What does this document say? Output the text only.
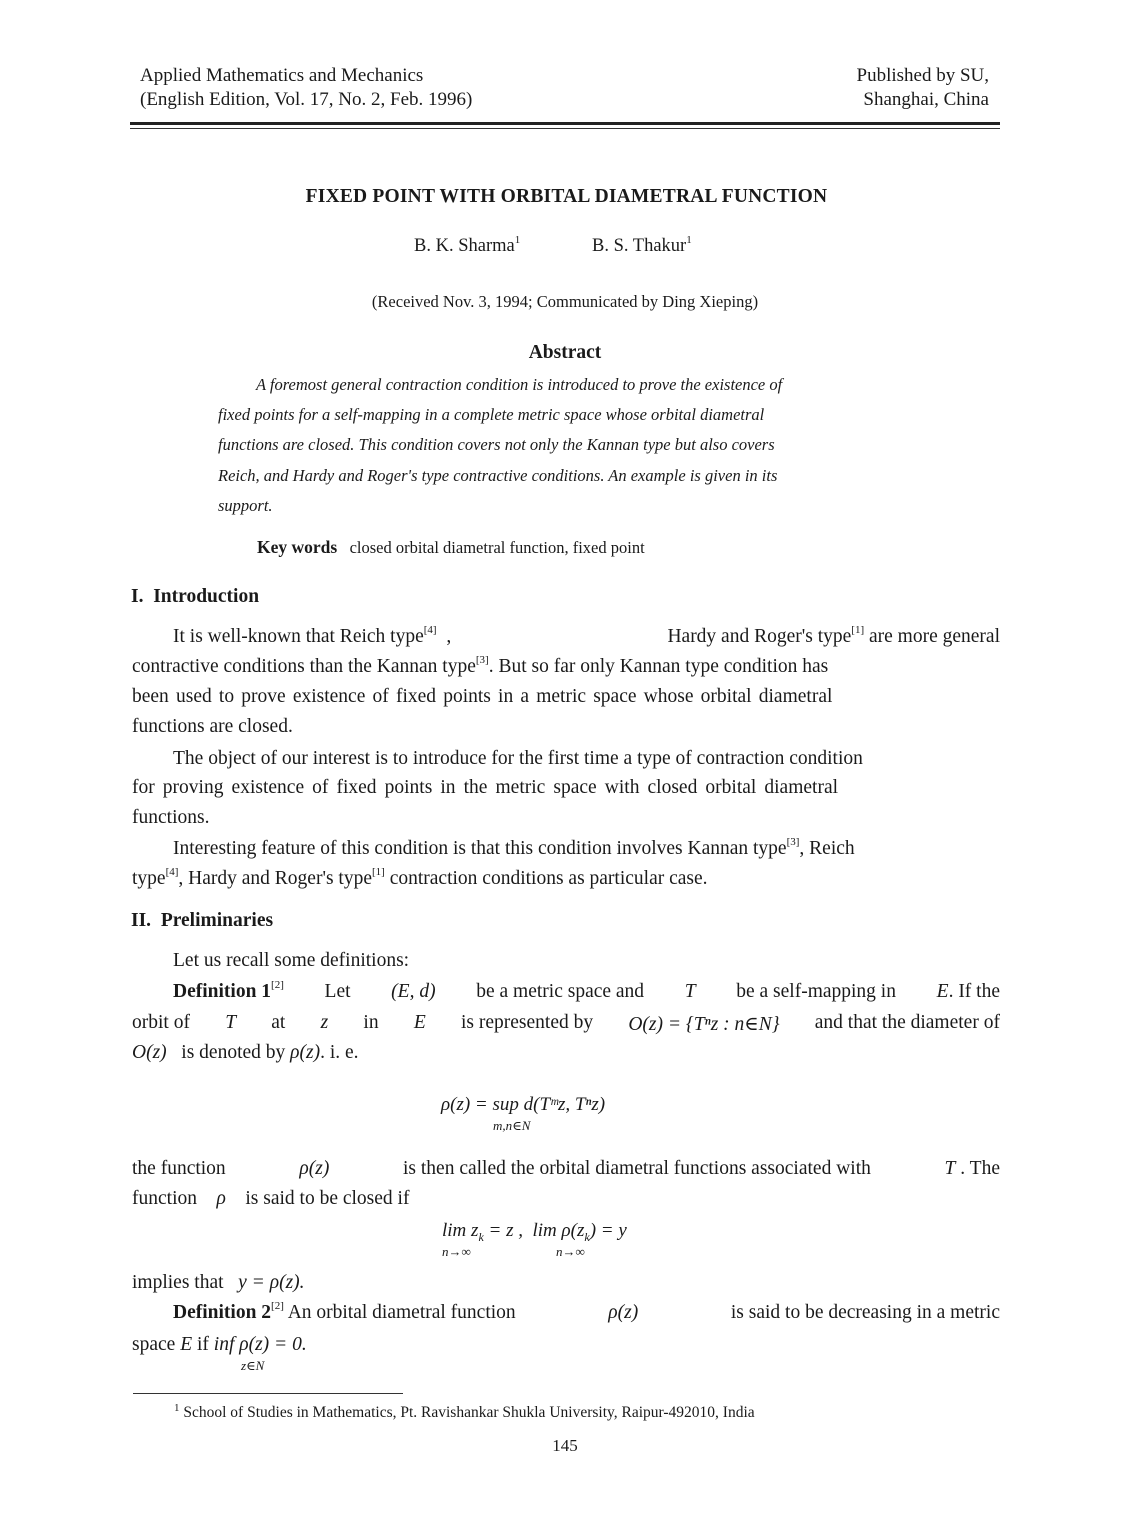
Applied Mathematics and Mechanics
(English Edition, Vol. 17, No. 2, Feb. 1996)
Published by SU,
Shanghai, China
FIXED POINT WITH ORBITAL DIAMETRAL FUNCTION
B. K. Sharma$^1$	B. S. Thakur$^1$
(Received Nov. 3, 1994; Communicated by Ding Xieping)
Abstract
A foremost general contraction condition is introduced to prove the existence of
fixed points for a self-mapping in a complete metric space whose orbital diametral
functions are closed. This condition covers not only the Kannan type but also covers
Reich, and Hardy and Roger's type contractive conditions. An example is given in its
support.
Key words closed orbital diametral function, fixed point
I. Introduction
It is well-known that Reich type[4] ,	Hardy and Roger's type[1] are more general
contractive conditions than the Kannan type[3]. But so far only Kannan type condition has
been used to prove existence of fixed points in a metric space whose orbital diametral
functions are closed.
The object of our interest is to introduce for the first time a type of contraction condition
for proving existence of fixed points in the metric space with closed orbital diametral
functions.
Interesting feature of this condition is that this condition involves Kannan type[3], Reich
type[4], Hardy and Roger's type[1] contraction conditions as particular case.
II. Preliminaries
Let us recall some definitions:
Definition 1[2] Let (E, d) be a metric space and T be a self-mapping in E. If the
orbit of T at z in E is represented by O(z) = {Tⁿz : n∈N} and that the diameter of
O(z) is denoted by ρ(z). i. e.
ρ(z) = sup d(Tᵐz, Tⁿz)
m,n∈N
the function	ρ(z)	is then called the orbital diametral functions associated with	T . The
function ρ is said to be closed if
$\lim z_k = z$ , $\lim \rho(z_k) = y$
n→∞	n→∞
implies that y = ρ(z).
Definition 2[2] An orbital diametral function	ρ(z)	is said to be decreasing in a metric
space E if inf ρ(z) = 0.
z∈N
$^1$ School of Studies in Mathematics, Pt. Ravishankar Shukla University, Raipur-492010, India
145
